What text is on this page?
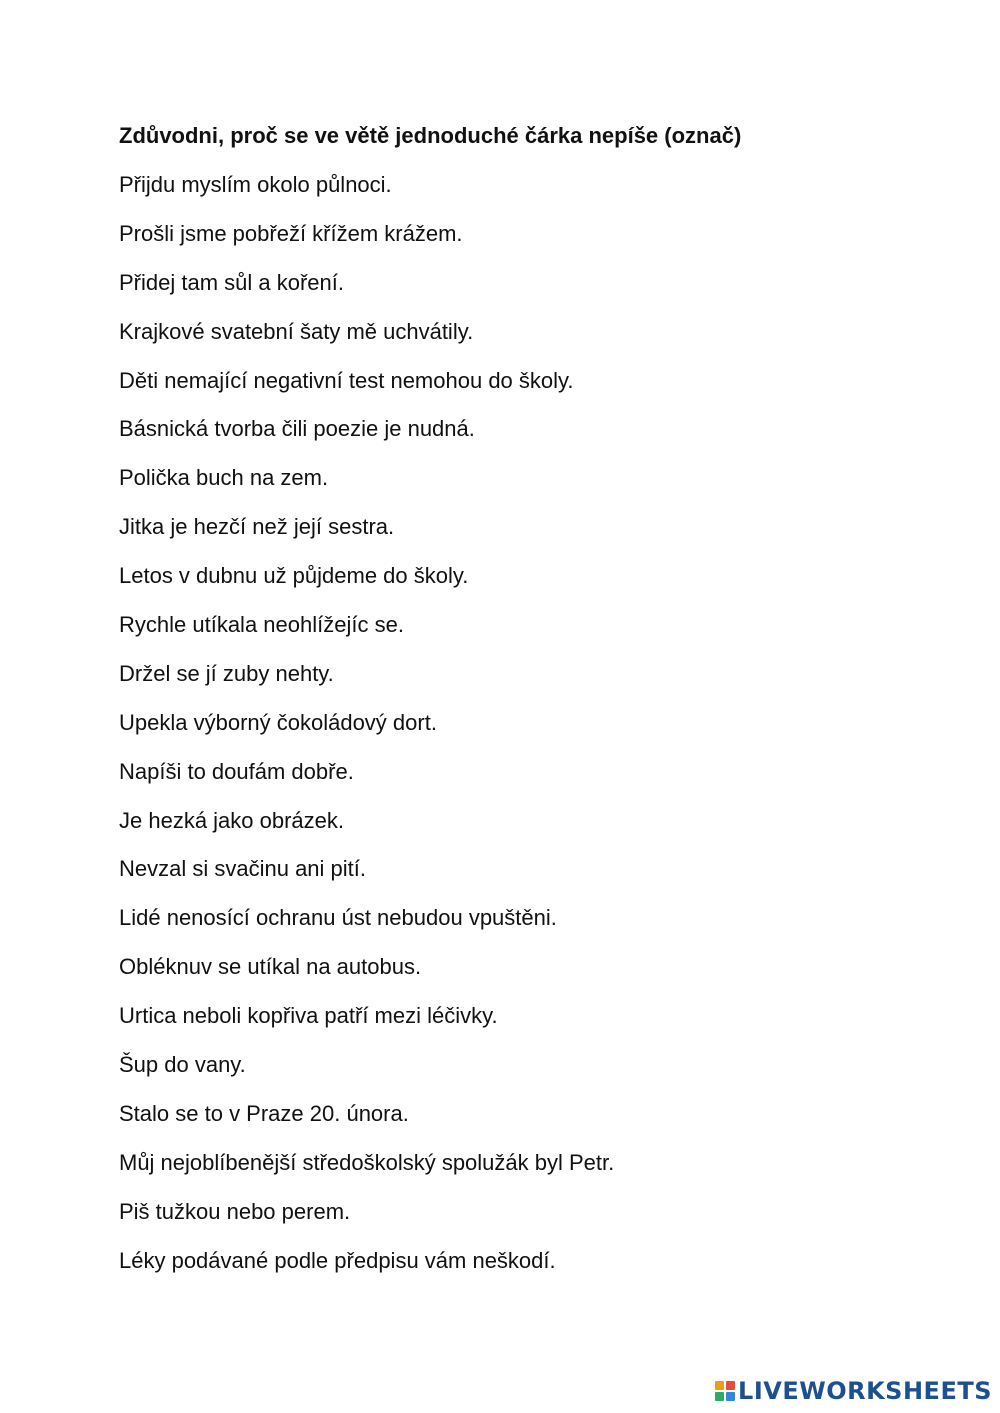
Zdůvodni, proč se ve větě jednoduché čárka nepíše (označ)
Přijdu myslím okolo půlnoci.
Prošli jsme pobřeží křížem krážem.
Přidej tam sůl a koření.
Krajkové svatební šaty mě uchvátily.
Děti nemající negativní test nemohou do školy.
Básnická tvorba čili poezie je nudná.
Polička buch na zem.
Jitka je hezčí než její sestra.
Letos v dubnu už půjdeme do školy.
Rychle utíkala neohlížejíc se.
Držel se jí zuby nehty.
Upekla výborný čokoládový dort.
Napíši to doufám dobře.
Je hezká jako obrázek.
Nevzal si svačinu ani pití.
Lidé nenosící ochranu úst nebudou vpuštěni.
Obléknuv se utíkal na autobus.
Urtica neboli kopřiva patří mezi léčivky.
Šup do vany.
Stalo se to v Praze 20. února.
Můj nejoblíbenější středoškolský spolužák byl Petr.
Piš tužkou nebo perem.
Léky podávané podle předpisu vám neškodí.
LIVEWORKSHEETS
